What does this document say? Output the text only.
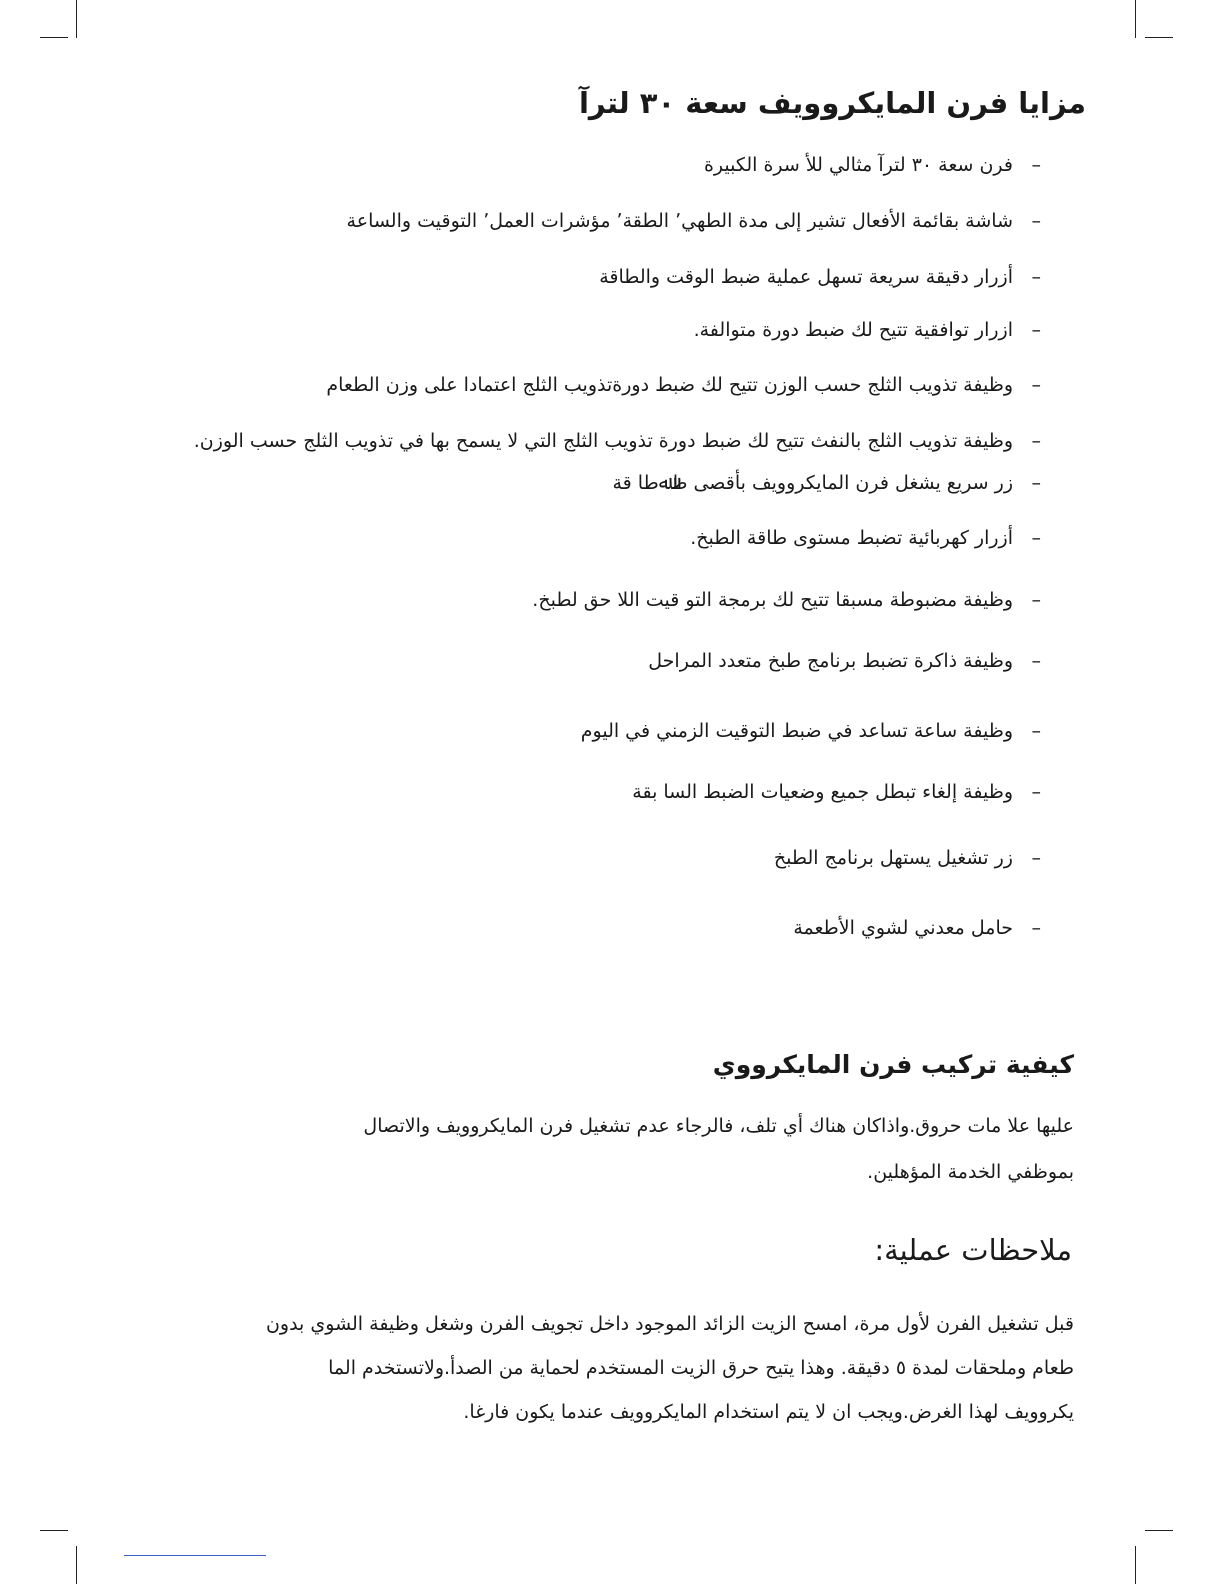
مزايا فرن المايكروويف سعة ٣٠ لترآ
–
فرن سعة ٣٠ لترآ مثالي للأ سرة الكبيرة
–
شاشة بقائمة الأفعال تشير إلى مدة الطهي٬ الطقة٬ مؤشرات العمل٬ التوقيت والساعة
–
أزرار دقيقة سريعة تسهل عملية ضبط الوقت والطاقة
–
ازرار توافقية تتيح لك ضبط دورة متوالفة.
–
وظيفة تذويب الثلج حسب الوزن تتيح لك ضبط دورةتذويب الثلج اعتمادا على وزن الطعام
–
وظيفة تذويب الثلج بالنفث تتيح لك ضبط دورة تذويب الثلج التي لا يسمح بها في تذويب الثلج حسب الوزن.
–
زر سريع يشغل فرن المايكروويف بأقصى ظﷲطا قة
–
أزرار كهربائية تضبط مستوى طاقة الطبخ.
–
وظيفة مضبوطة مسبقا تتيح لك برمجة التو قيت اللا حق لطبخ.
–
وظيفة ذاكرة تضبط برنامج طبخ متعدد المراحل
–
وظيفة ساعة تساعد في ضبط التوقيت الزمني في اليوم
–
وظيفة إلغاء تبطل جميع وضعيات الضبط السا بقة
–
زر تشغيل يستهل برنامج الطبخ
–
حامل معدني لشوي الأطعمة
كيفية تركيب فرن المايكرووي

عليها علا مات حروق.واذاكان هناك أي تلف، فالرجاء عدم تشغيل فرن المايكروويف والاتصال بموظفي الخدمة المؤهلين.

ملاحظات عملية:

قبل تشغيل الفرن لأول مرة، امسح الزيت الزائد الموجود داخل تجويف الفرن وشغل وظيفة الشوي بدون طعام وملحقات لمدة ٥ دقيقة. وهذا يتيح حرق الزيت المستخدم لحماية من الصدأ.ولاتستخدم الما يكروويف لهذا الغرض.ويجب ان لا يتم استخدام المايكروويف عندما يكون فارغا.
